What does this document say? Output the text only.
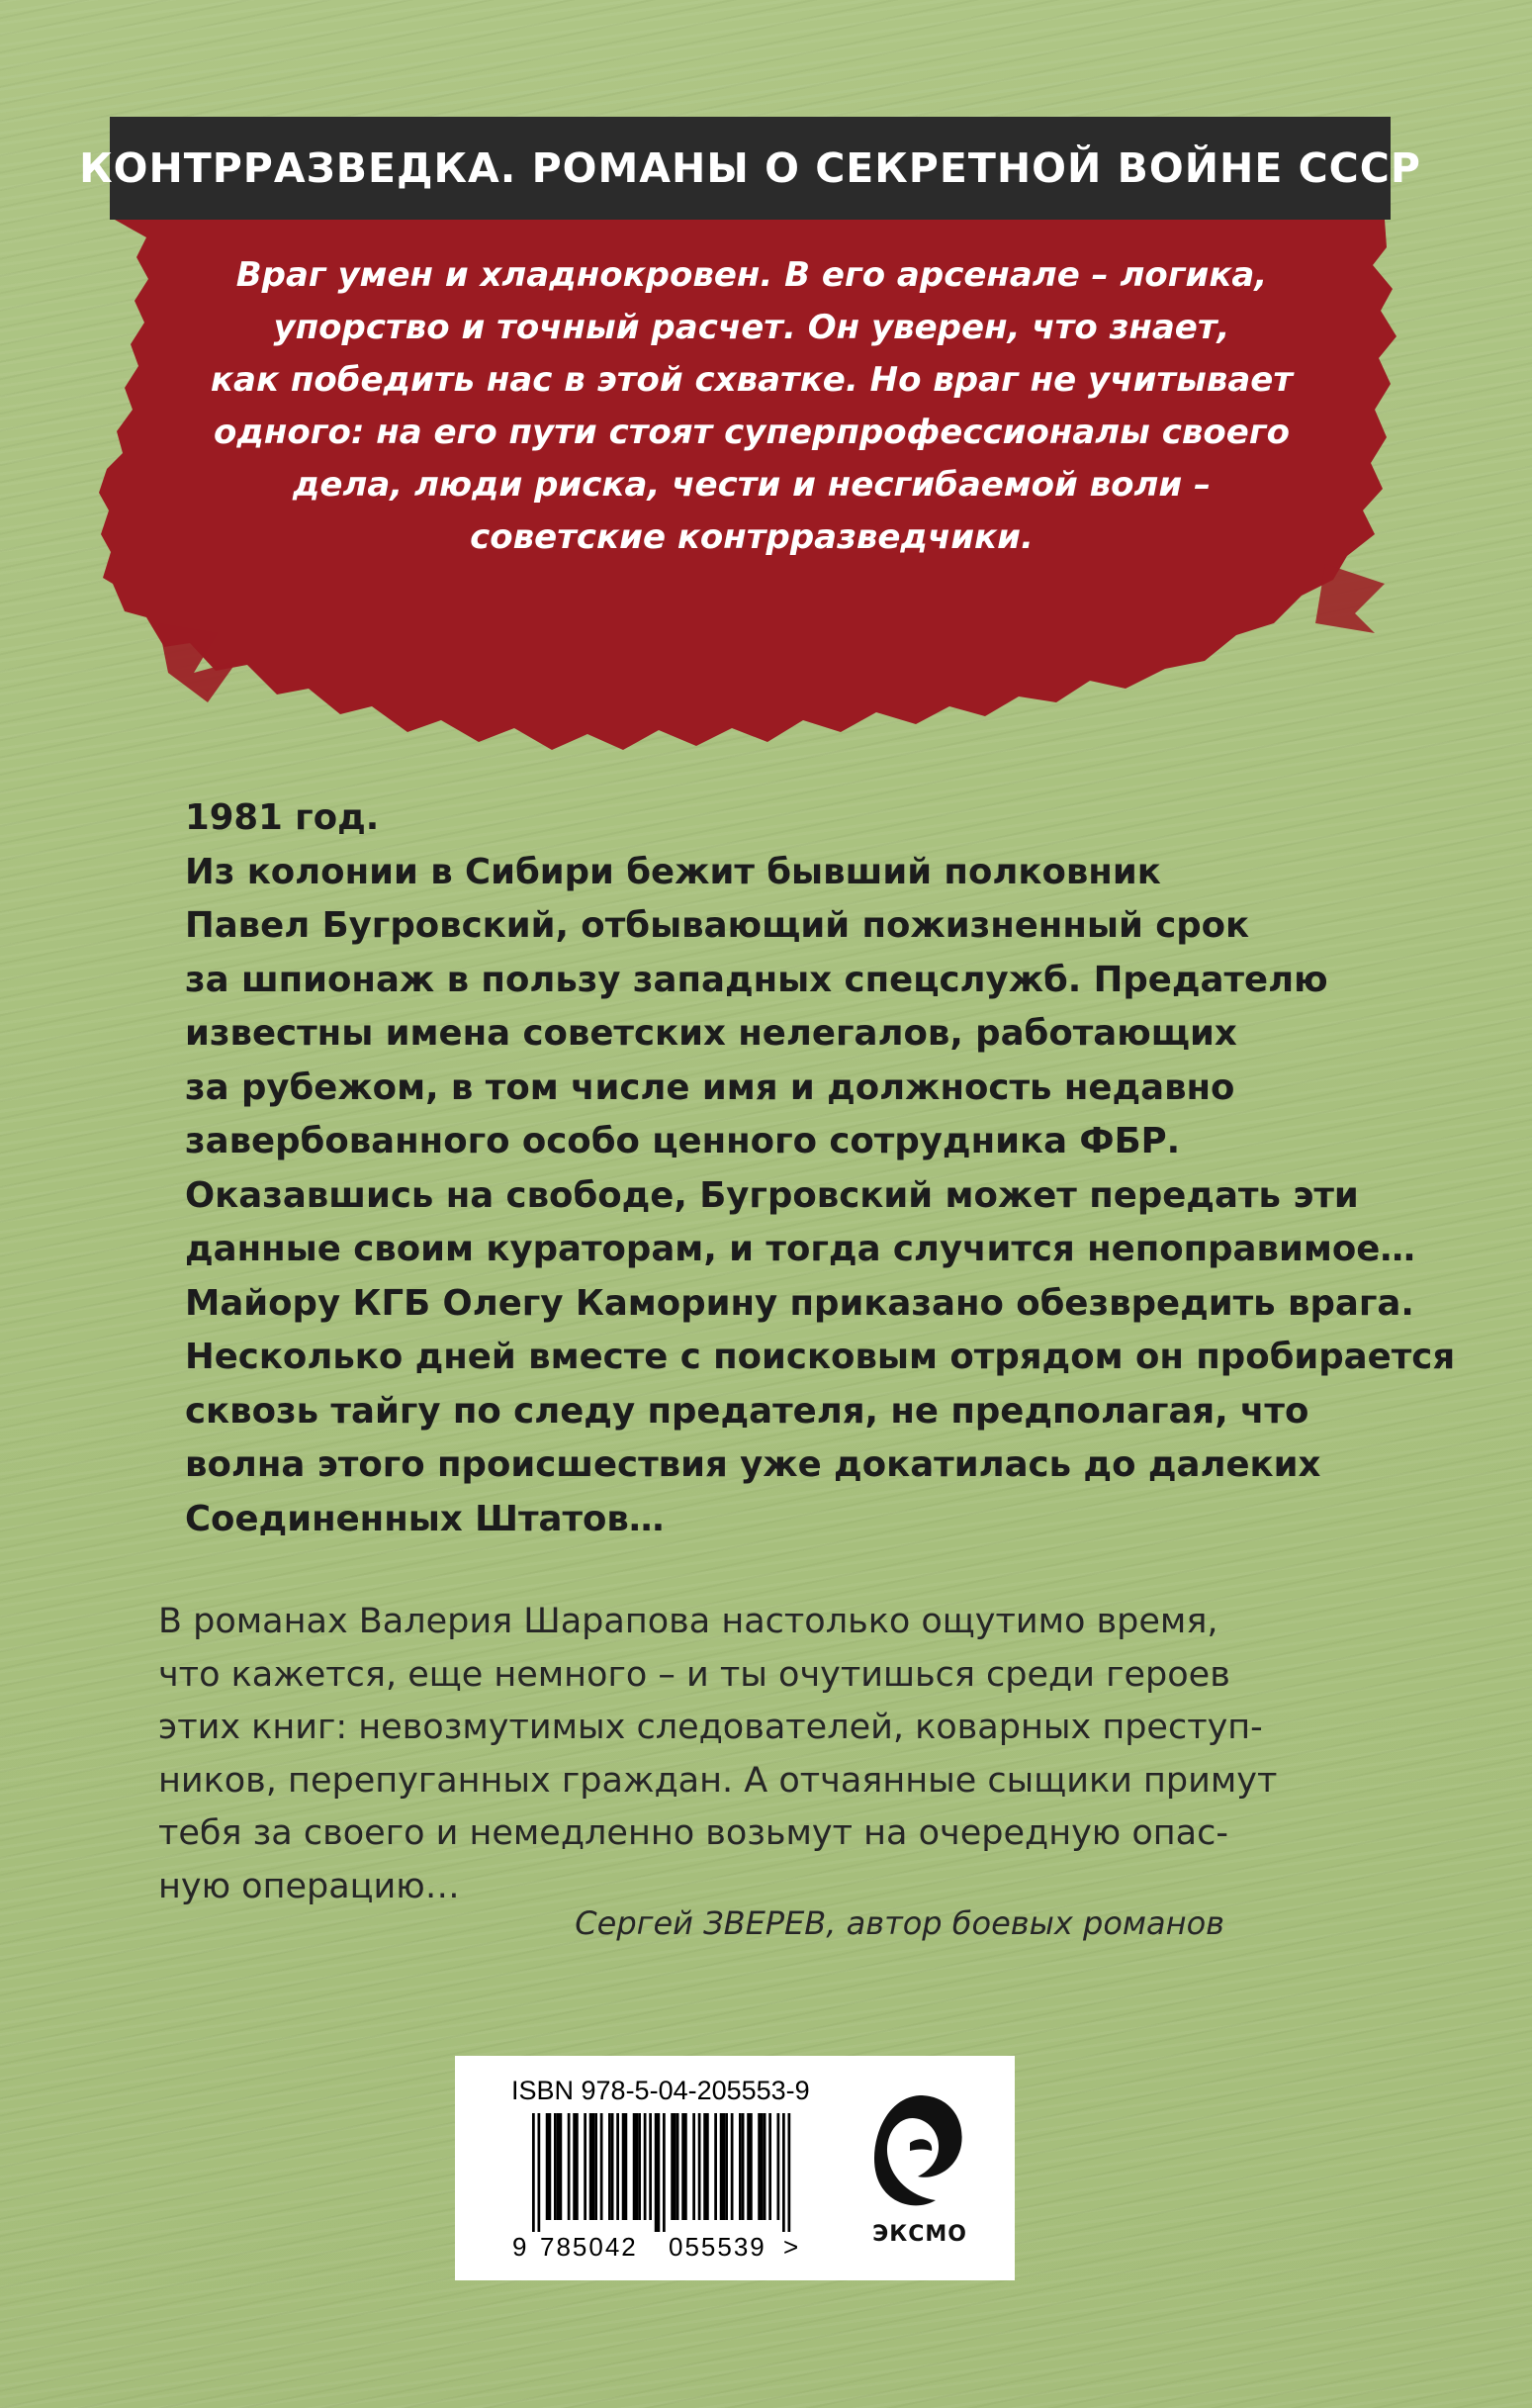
КОНТРРАЗВЕДКА. РОМАНЫ О СЕКРЕТНОЙ ВОЙНЕ СССР
Враг умен и хладнокровен. В его арсенале – логика,
упорство и точный расчет. Он уверен, что знает,
как победить нас в этой схватке. Но враг не учитывает
одного: на его пути стоят суперпрофессионалы своего
дела, люди риска, чести и несгибаемой воли –
советские контрразведчики.
1981 год.
Из колонии в Сибири бежит бывший полковник
Павел Бугровский, отбывающий пожизненный срок
за шпионаж в пользу западных спецслужб. Предателю
известны имена советских нелегалов, работающих
за рубежом, в том числе имя и должность недавно
завербованного особо ценного сотрудника ФБР.
Оказавшись на свободе, Бугровский может передать эти
данные своим кураторам, и тогда случится непоправимое…
Майору КГБ Олегу Каморину приказано обезвредить врага.
Несколько дней вместе с поисковым отрядом он пробирается
сквозь тайгу по следу предателя, не предполагая, что
волна этого происшествия уже докатилась до далеких
Соединенных Штатов…
В романах Валерия Шарапова настолько ощутимо время,
что кажется, еще немного – и ты очутишься среди героев
этих книг: невозмутимых следователей, коварных преступ-
ников, перепуганных граждан. А отчаянные сыщики примут
тебя за своего и немедленно возьмут на очередную опас-
ную операцию…

Сергей ЗВЕРЕВ, автор боевых романов

ISBN 978-5-04-205553-9

9 785042 055539 >	ЭКСМО
